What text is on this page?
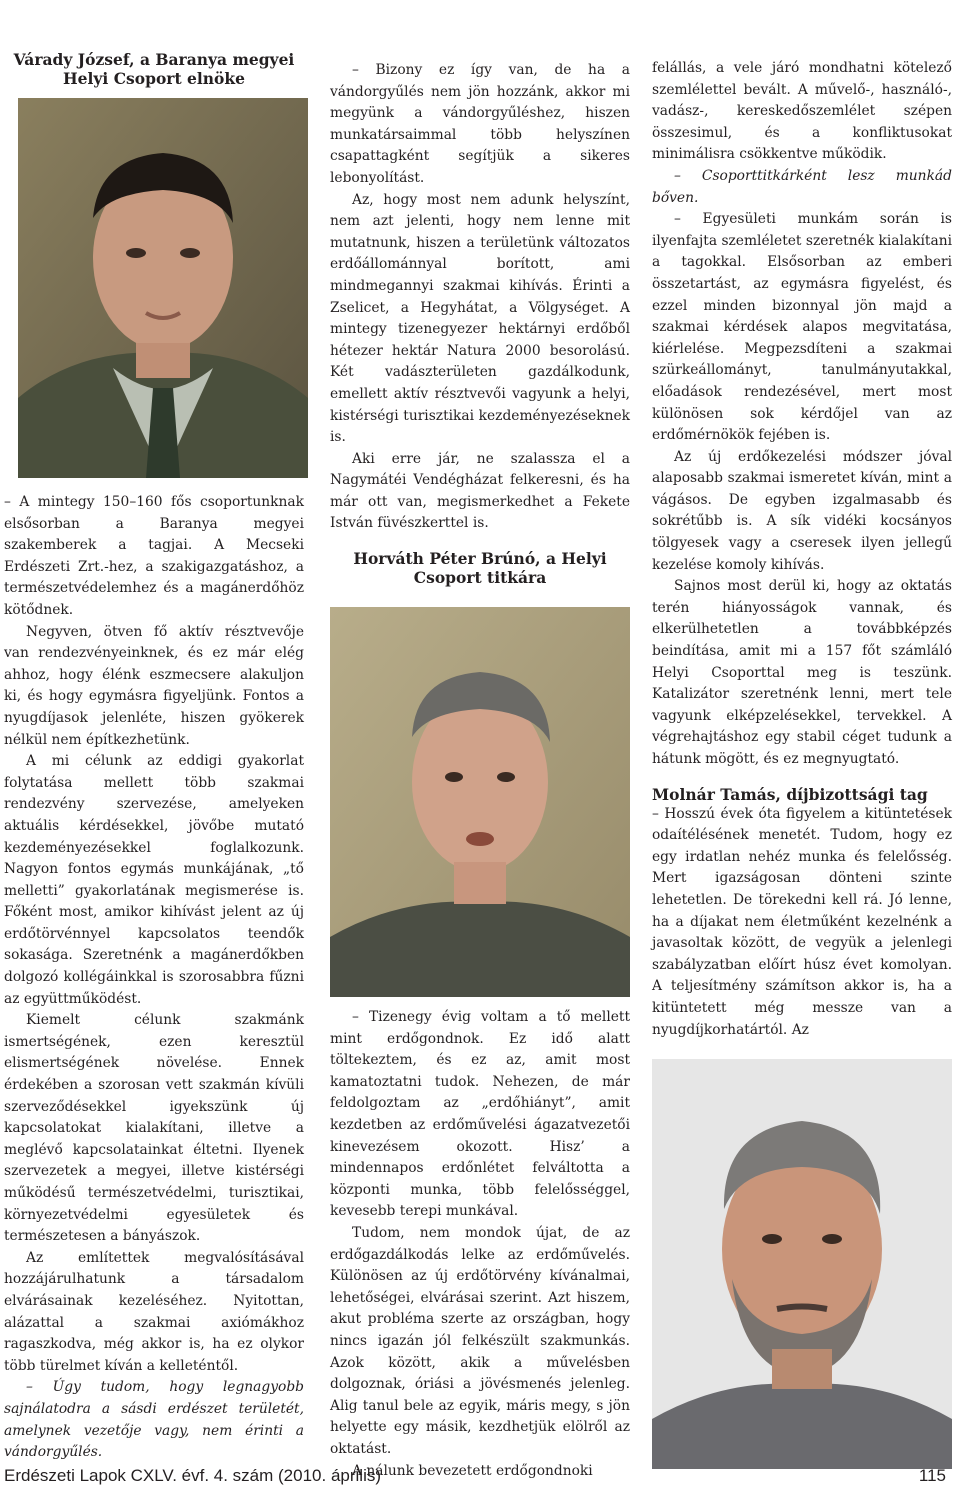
Várady József, a Baranya megyei Helyi Csoport elnöke

– A mintegy 150–160 fős csoportunknak elsősorban a Baranya megyei szakemberek a tagjai. A Mecseki Erdészeti Zrt.-hez, a szakigazgatáshoz, a természetvédelemhez és a magánerdőhöz kötődnek.

Negyven, ötven fő aktív résztvevője van rendezvényeinknek, és ez már elég ahhoz, hogy élénk eszmecsere alakuljon ki, és hogy egymásra figyeljünk. Fontos a nyugdíjasok jelenléte, hiszen gyökerek nélkül nem építkezhetünk.

A mi célunk az eddigi gyakorlat folytatása mellett több szakmai rendezvény szervezése, amelyeken aktuális kérdésekkel, jövőbe mutató kezdeményezésekkel foglalkozunk. Nagyon fontos egymás munkájának, „tő melletti” gyakorlatának megismerése is. Főként most, amikor kihívást jelent az új erdőtörvénnyel kapcsolatos teendők sokasága. Szeretnénk a magánerdőkben dolgozó kollégáinkkal is szorosabbra fűzni az együttműködést.

Kiemelt célunk szakmánk ismertségének, ezen keresztül elismertségének növelése. Ennek érdekében a szorosan vett szakmán kívüli szerveződésekkel igyekszünk új kapcsolatokat kialakítani, illetve a meglévő kapcsolatainkat éltetni. Ilyenek szervezetek a megyei, illetve kistérségi működésű természetvédelmi, turisztikai, környezetvédelmi egyesületek és természetesen a bányászok.

Az említettek megvalósításával hozzájárulhatunk a társadalom elvárásainak kezeléséhez. Nyitottan, alázattal a szakmai axiómákhoz ragaszkodva, még akkor is, ha ez olykor több türelmet kíván a kelleténtől.

– Úgy tudom, hogy legnagyobb sajnálatodra a sásdi erdészet területét, amelynek vezetője vagy, nem érinti a vándorgyűlés.

– Bizony ez így van, de ha a vándorgyűlés nem jön hozzánk, akkor mi megyünk a vándorgyűléshez, hiszen munkatársaimmal több helyszínen csapattagként segítjük a sikeres lebonyolítást.

Az, hogy most nem adunk helyszínt, nem azt jelenti, hogy nem lenne mit mutatnunk, hiszen a területünk változatos erdőállománnyal borított, ami mindmegannyi szakmai kihívás. Érinti a Zselicet, a Hegyhátat, a Völgységet. A mintegy tizenegyezer hektárnyi erdőből hétezer hektár Natura 2000 besorolású. Két vadászterületen gazdálkodunk, emellett aktív résztvevői vagyunk a helyi, kistérségi turisztikai kezdeményezéseknek is.

Aki erre jár, ne szalassza el a Nagymátéi Vendégházat felkeresni, és ha már ott van, megismerkedhet a Fekete István füvészkerttel is.

Horváth Péter Brúnó, a Helyi Csoport titkára

– Tizenegy évig voltam a tő mellett mint erdőgondnok. Ez idő alatt töltekeztem, és ez az, amit most kamatoztatni tudok. Nehezen, de már feldolgoztam az „erdőhiányt”, amit kezdetben az erdőművelési ágazatvezetői kinevezésem okozott. Hisz’ a mindennapos erdőnlétet felváltotta a központi munka, több felelősséggel, kevesebb terepi munkával.

Tudom, nem mondok újat, de az erdőgazdálkodás lelke az erdőművelés. Különösen az új erdőtörvény kívánalmai, lehetőségei, elvárásai szerint. Azt hiszem, akut probléma szerte az országban, hogy nincs igazán jól felkészült szakmunkás. Azok között, akik a művelésben dolgoznak, óriási a jövésmenés jelenleg. Alig tanul bele az egyik, máris megy, s jön helyette egy másik, kezdhetjük elölről az oktatást.

A nálunk bevezetett erdőgondnoki

felállás, a vele járó mondhatni kötelező szemlélettel bevált. A művelő-, használó-, vadász-, kereskedőszemlélet szépen összesimul, és a konfliktusokat minimálisra csökkentve működik.

– Csoporttitkárként lesz munkád bőven.

– Egyesületi munkám során is ilyenfajta szemléletet szeretnék kialakítani a tagokkal. Elsősorban az emberi összetartást, az egymásra figyelést, és ezzel minden bizonnyal jön majd a szakmai kérdések alapos megvitatása, kiérlelése. Megpezsdíteni a szakmai szürkeállományt, tanulmányutakkal, előadások rendezésével, mert most különösen sok kérdőjel van az erdőmérnökök fejében is.

Az új erdőkezelési módszer jóval alaposabb szakmai ismeretet kíván, mint a vágásos. De egyben izgalmasabb és sokrétűbb is. A sík vidéki kocsányos tölgyesek vagy a cseresek ilyen jellegű kezelése komoly kihívás.

Sajnos most derül ki, hogy az oktatás terén hiányosságok vannak, és elkerülhetetlen a továbbképzés beindítása, amit mi a 157 főt számláló Helyi Csoporttal meg is teszünk. Katalizátor szeretnénk lenni, mert tele vagyunk elképzelésekkel, tervekkel. A végrehajtáshoz egy stabil céget tudunk a hátunk mögött, és ez megnyugtató.

Molnár Tamás, díjbizottsági tag

– Hosszú évek óta figyelem a kitüntetések odaítélésének menetét. Tudom, hogy ez egy irdatlan nehéz munka és felelősség. Mert igazságosan dönteni szinte lehetetlen. De törekedni kell rá. Jó lenne, ha a díjakat nem életműként kezelnénk a javasoltak között, de vegyük a jelenlegi szabályzatban előírt húsz évet komolyan. A teljesítmény számítson akkor is, ha a kitüntetett még messze van a nyugdíjkorhatártól. Az

Erdészeti Lapok CXLV. évf. 4. szám (2010. április)	115
